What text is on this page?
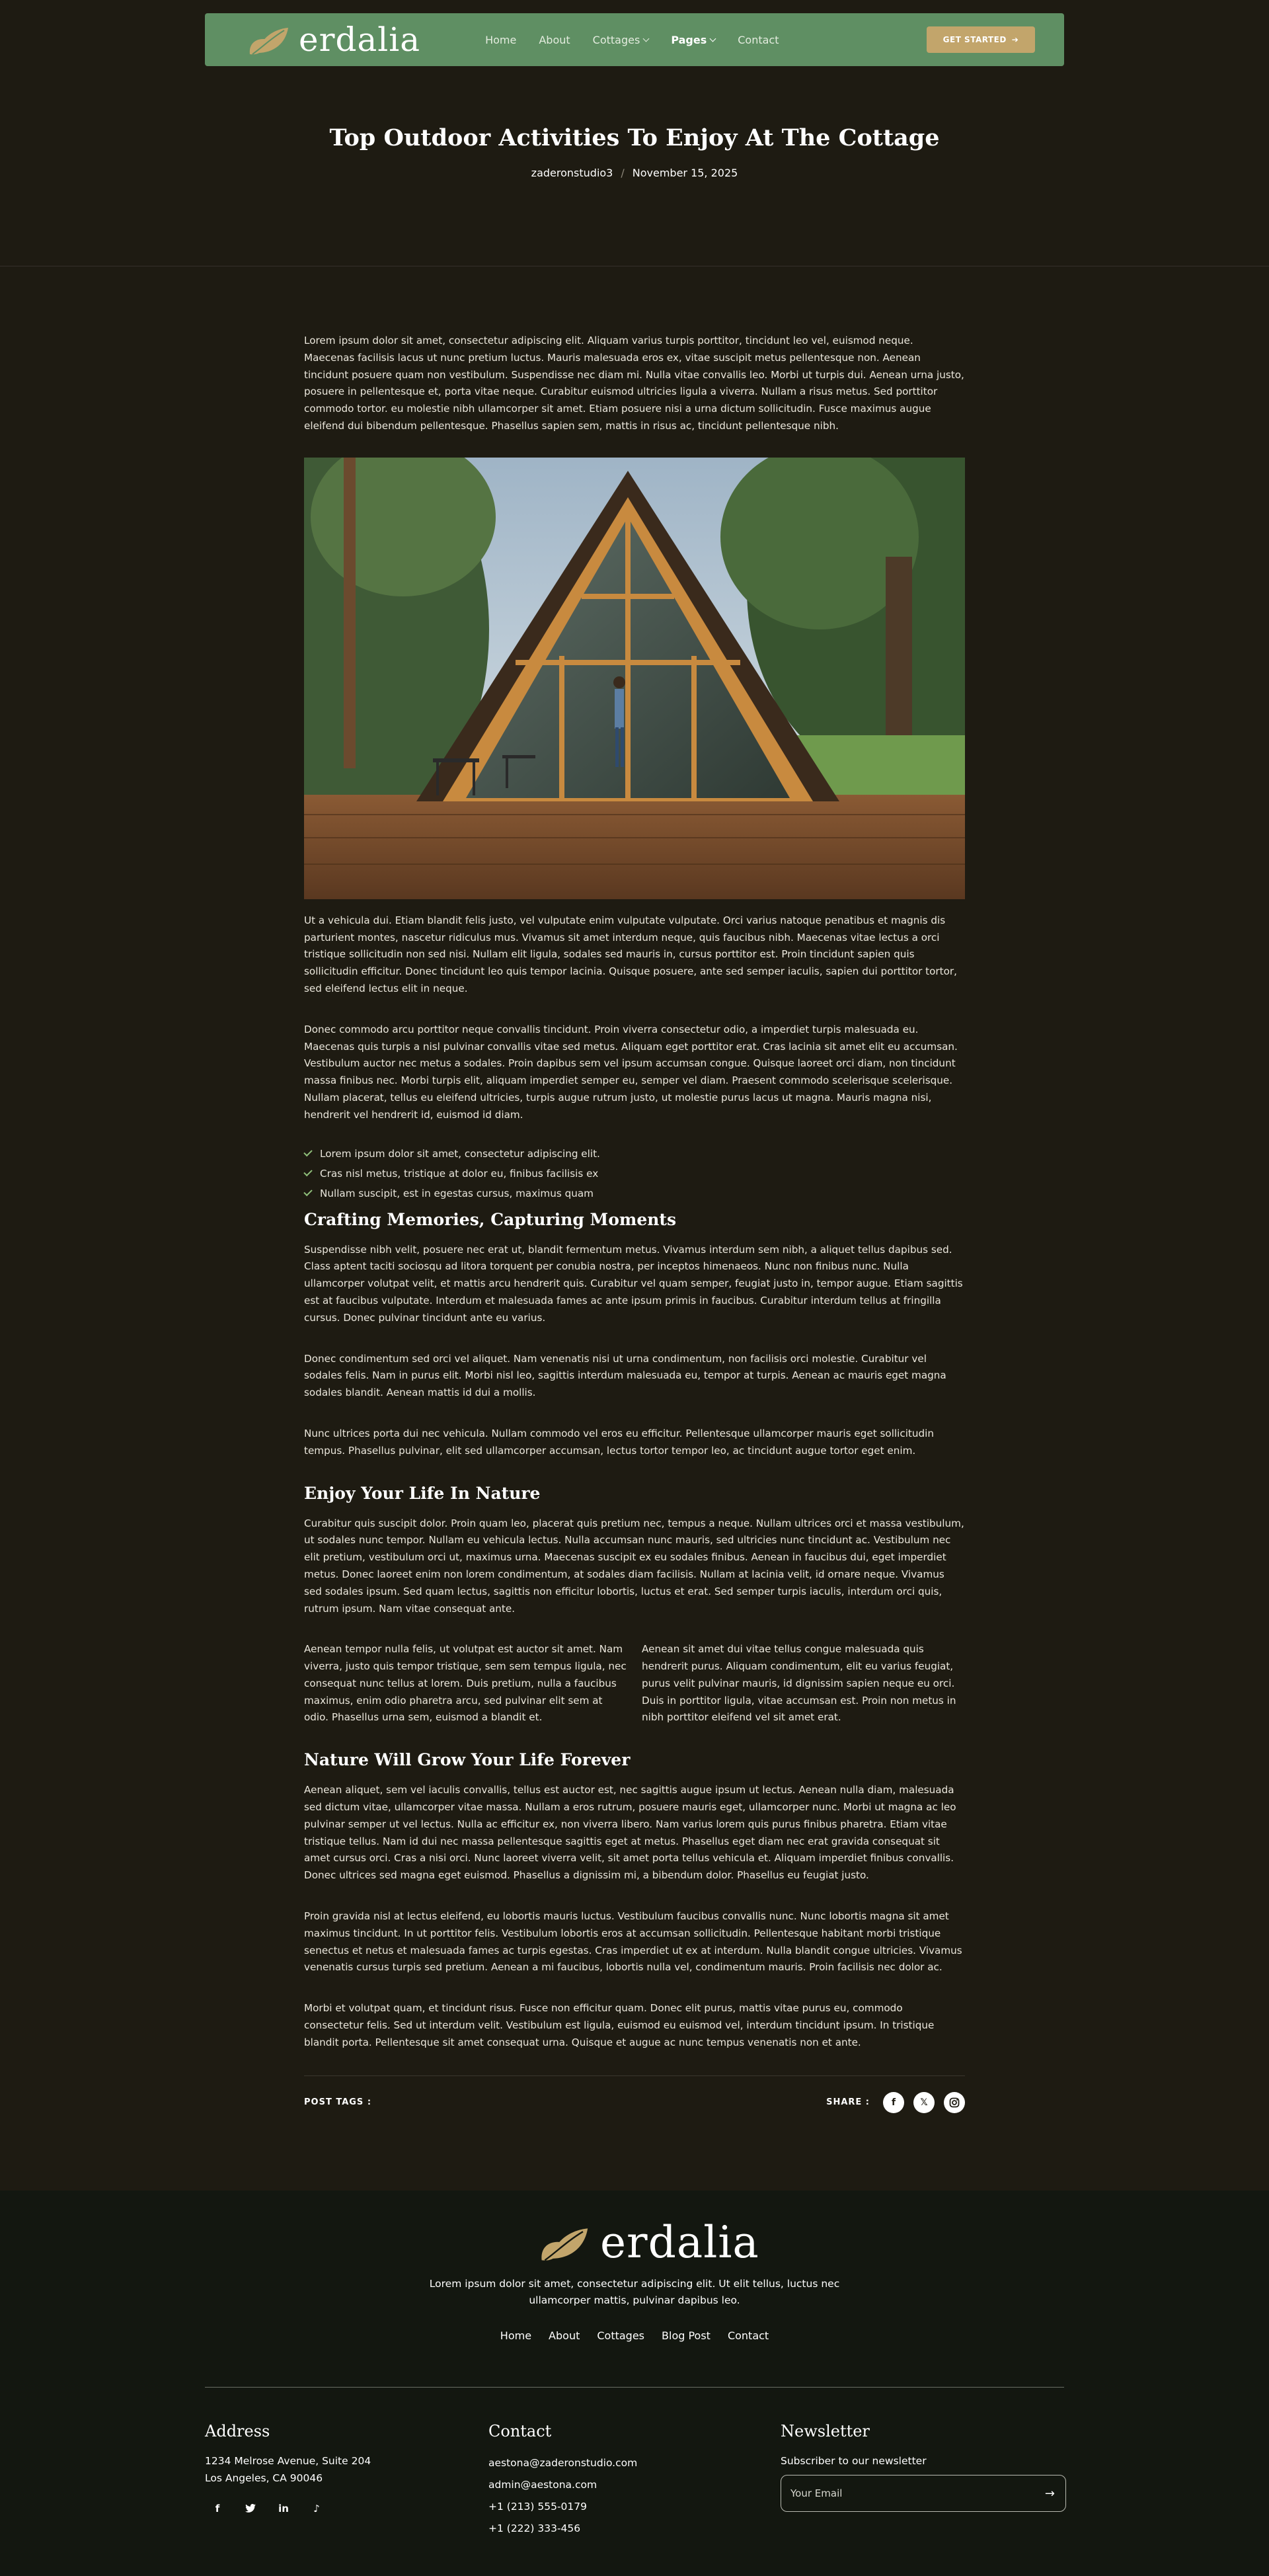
erdalia	Home About Cottages	Pages	Contact	GET STARTED ➔
Top Outdoor Activities To Enjoy At The Cottage
zaderonstudio3 / November 15, 2025

Lorem ipsum dolor sit amet, consectetur adipiscing elit. Aliquam varius turpis porttitor, tincidunt leo vel, euismod neque. Maecenas facilisis lacus ut nunc pretium luctus. Mauris malesuada eros ex, vitae suscipit metus pellentesque non. Aenean tincidunt posuere quam non vestibulum. Suspendisse nec diam mi. Nulla vitae convallis leo. Morbi ut turpis dui. Aenean urna justo, posuere in pellentesque et, porta vitae neque. Curabitur euismod ultricies ligula a viverra. Nullam a risus metus. Sed porttitor commodo tortor. eu molestie nibh ullamcorper sit amet. Etiam posuere nisi a urna dictum sollicitudin. Fusce maximus augue eleifend dui bibendum pellentesque. Phasellus sapien sem, mattis in risus ac, tincidunt pellentesque nibh.

Ut a vehicula dui. Etiam blandit felis justo, vel vulputate enim vulputate vulputate. Orci varius natoque penatibus et magnis dis parturient montes, nascetur ridiculus mus. Vivamus sit amet interdum neque, quis faucibus nibh. Maecenas vitae lectus a orci tristique sollicitudin non sed nisi. Nullam elit ligula, sodales sed mauris in, cursus porttitor est. Proin tincidunt sapien quis sollicitudin efficitur. Donec tincidunt leo quis tempor lacinia. Quisque posuere, ante sed semper iaculis, sapien dui porttitor tortor, sed eleifend lectus elit in neque.

Donec commodo arcu porttitor neque convallis tincidunt. Proin viverra consectetur odio, a imperdiet turpis malesuada eu. Maecenas quis turpis a nisl pulvinar convallis vitae sed metus. Aliquam eget porttitor erat. Cras lacinia sit amet elit eu accumsan. Vestibulum auctor nec metus a sodales. Proin dapibus sem vel ipsum accumsan congue. Quisque laoreet orci diam, non tincidunt massa finibus nec. Morbi turpis elit, aliquam imperdiet semper eu, semper vel diam. Praesent commodo scelerisque scelerisque. Nullam placerat, tellus eu eleifend ultricies, turpis augue rutrum justo, ut molestie purus lacus ut magna. Mauris magna nisi, hendrerit vel hendrerit id, euismod id diam.

Lorem ipsum dolor sit amet, consectetur adipiscing elit.
Cras nisl metus, tristique at dolor eu, finibus facilisis ex
Nullam suscipit, est in egestas cursus, maximus quam
Crafting Memories, Capturing Moments

Suspendisse nibh velit, posuere nec erat ut, blandit fermentum metus. Vivamus interdum sem nibh, a aliquet tellus dapibus sed. Class aptent taciti sociosqu ad litora torquent per conubia nostra, per inceptos himenaeos. Nunc non finibus nunc. Nulla ullamcorper volutpat velit, et mattis arcu hendrerit quis. Curabitur vel quam semper, feugiat justo in, tempor augue. Etiam sagittis est at faucibus vulputate. Interdum et malesuada fames ac ante ipsum primis in faucibus. Curabitur interdum tellus at fringilla cursus. Donec pulvinar tincidunt ante eu varius.

Donec condimentum sed orci vel aliquet. Nam venenatis nisi ut urna condimentum, non facilisis orci molestie. Curabitur vel sodales felis. Nam in purus elit. Morbi nisl leo, sagittis interdum malesuada eu, tempor at turpis. Aenean ac mauris eget magna sodales blandit. Aenean mattis id dui a mollis.

Nunc ultrices porta dui nec vehicula. Nullam commodo vel eros eu efficitur. Pellentesque ullamcorper mauris eget sollicitudin tempus. Phasellus pulvinar, elit sed ullamcorper accumsan, lectus tortor tempor leo, ac tincidunt augue tortor eget enim.

Enjoy Your Life In Nature

Curabitur quis suscipit dolor. Proin quam leo, placerat quis pretium nec, tempus a neque. Nullam ultrices orci et massa vestibulum, ut sodales nunc tempor. Nullam eu vehicula lectus. Nulla accumsan nunc mauris, sed ultricies nunc tincidunt ac. Vestibulum nec elit pretium, vestibulum orci ut, maximus urna. Maecenas suscipit ex eu sodales finibus. Aenean in faucibus dui, eget imperdiet metus. Donec laoreet enim non lorem condimentum, at sodales diam facilisis. Nullam at lacinia velit, id ornare neque. Vivamus sed sodales ipsum. Sed quam lectus, sagittis non efficitur lobortis, luctus et erat. Sed semper turpis iaculis, interdum orci quis, rutrum ipsum. Nam vitae consequat ante.

Aenean tempor nulla felis, ut volutpat est auctor sit amet. Nam viverra, justo quis tempor tristique, sem sem tempus ligula, nec consequat nunc tellus at lorem. Duis pretium, nulla a faucibus maximus, enim odio pharetra arcu, sed pulvinar elit sem at odio. Phasellus urna sem, euismod a blandit et.

Aenean sit amet dui vitae tellus congue malesuada quis hendrerit purus. Aliquam condimentum, elit eu varius feugiat, purus velit pulvinar mauris, id dignissim sapien neque eu orci. Duis in porttitor ligula, vitae accumsan est. Proin non metus in nibh porttitor eleifend vel sit amet erat.

Nature Will Grow Your Life Forever

Aenean aliquet, sem vel iaculis convallis, tellus est auctor est, nec sagittis augue ipsum ut lectus. Aenean nulla diam, malesuada sed dictum vitae, ullamcorper vitae massa. Nullam a eros rutrum, posuere mauris eget, ullamcorper nunc. Morbi ut magna ac leo pulvinar semper ut vel lectus. Nulla ac efficitur ex, non viverra libero. Nam varius lorem quis purus finibus pharetra. Etiam vitae tristique tellus. Nam id dui nec massa pellentesque sagittis eget at metus. Phasellus eget diam nec erat gravida consequat sit amet cursus orci. Cras a nisi orci. Nunc laoreet viverra velit, sit amet porta tellus vehicula et. Aliquam imperdiet finibus convallis. Donec ultrices sed magna eget euismod. Phasellus a dignissim mi, a bibendum dolor. Phasellus eu feugiat justo.

Proin gravida nisl at lectus eleifend, eu lobortis mauris luctus. Vestibulum faucibus convallis nunc. Nunc lobortis magna sit amet maximus tincidunt. In ut porttitor felis. Vestibulum lobortis eros at accumsan sollicitudin. Pellentesque habitant morbi tristique senectus et netus et malesuada fames ac turpis egestas. Cras imperdiet ut ex at interdum. Nulla blandit congue ultricies. Vivamus venenatis cursus turpis sed pretium. Aenean a mi faucibus, lobortis nulla vel, condimentum mauris. Proin facilisis nec dolor ac.

Morbi et volutpat quam, et tincidunt risus. Fusce non efficitur quam. Donec elit purus, mattis vitae purus eu, commodo consectetur felis. Sed ut interdum velit. Vestibulum est ligula, euismod eu euismod vel, interdum tincidunt ipsum. In tristique blandit porta. Pellentesque sit amet consequat urna. Quisque et augue ac nunc tempus venenatis non et ante.

POST TAGS :	SHARE :	f	𝕏
erdalia

Lorem ipsum dolor sit amet, consectetur adipiscing elit. Ut elit tellus, luctus nec ullamcorper mattis, pulvinar dapibus leo.

Home About Cottages Blog Post Contact
Address

1234 Melrose Avenue, Suite 204

Los Angeles, CA 90046

f	in	♪
Contact

aestona@zaderonstudio.com

admin@aestona.com

+1 (213) 555-0179

+1 (222) 333-456

Newsletter

Subscriber to our newsletter

Your Email
→
